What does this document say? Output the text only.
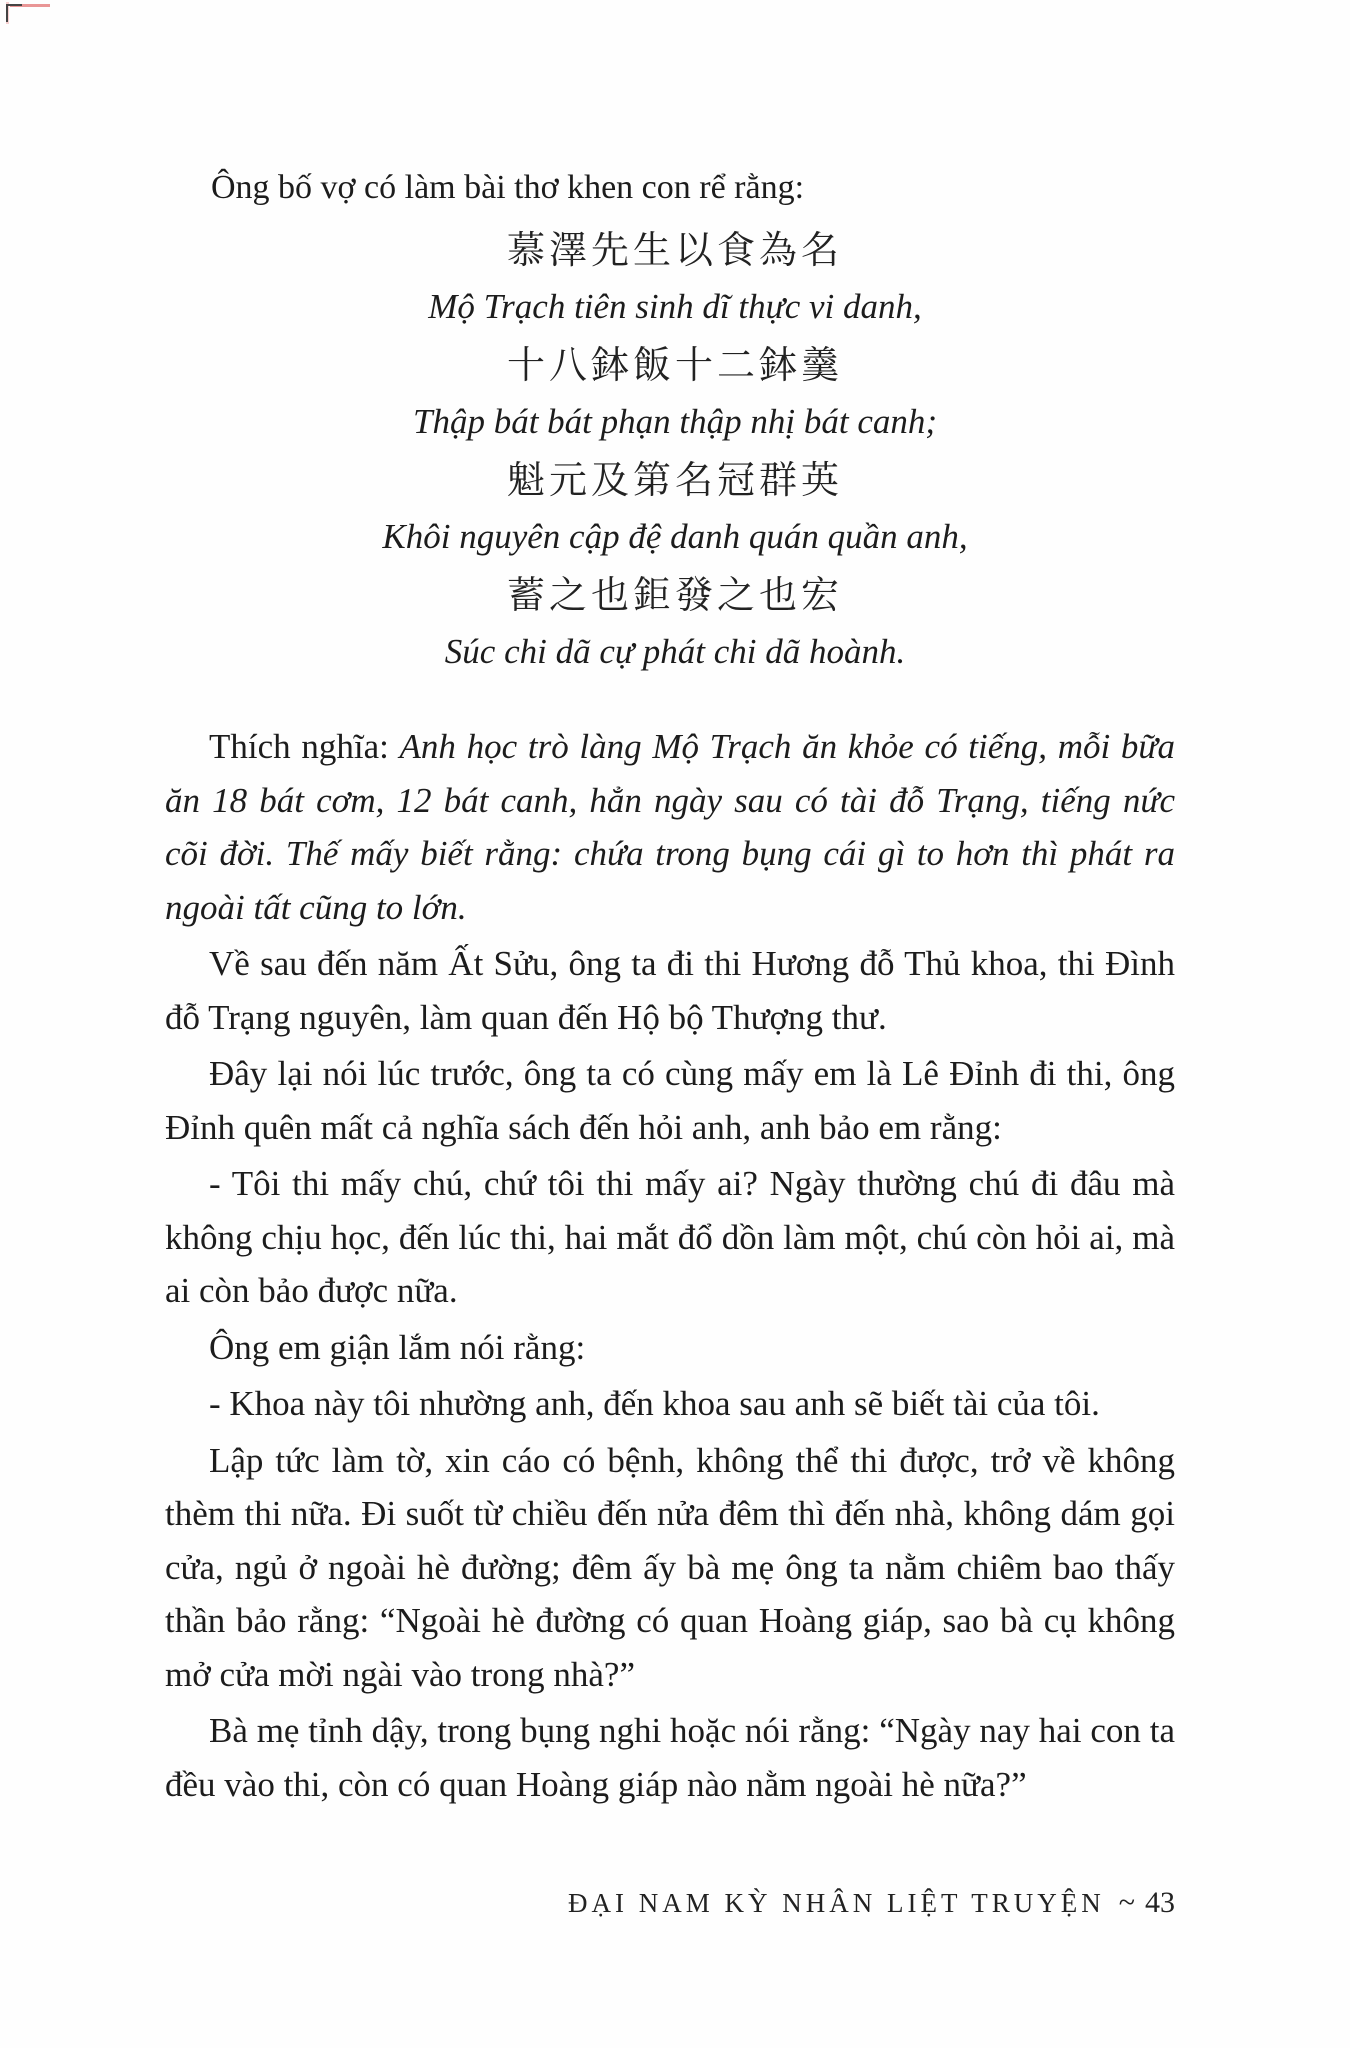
Ông bố vợ có làm bài thơ khen con rể rằng:
慕澤先生以食為名
Mộ Trạch tiên sinh dĩ thực vi danh,
十八鉢飯十二鉢羹
Thập bát bát phạn thập nhị bát canh;
魁元及第名冠群英
Khôi nguyên cập đệ danh quán quần anh,
蓄之也鉅發之也宏
Súc chi dã cự phát chi dã hoành.

Thích nghĩa: Anh học trò làng Mộ Trạch ăn khỏe có tiếng, mỗi bữa ăn 18 bát cơm, 12 bát canh, hẳn ngày sau có tài đỗ Trạng, tiếng nức cõi đời. Thế mấy biết rằng: chứa trong bụng cái gì to hơn thì phát ra ngoài tất cũng to lớn.

Về sau đến năm Ất Sửu, ông ta đi thi Hương đỗ Thủ khoa, thi Đình đỗ Trạng nguyên, làm quan đến Hộ bộ Thượng thư.

Đây lại nói lúc trước, ông ta có cùng mấy em là Lê Đỉnh đi thi, ông Đỉnh quên mất cả nghĩa sách đến hỏi anh, anh bảo em rằng:

- Tôi thi mấy chú, chứ tôi thi mấy ai? Ngày thường chú đi đâu mà không chịu học, đến lúc thi, hai mắt đổ dồn làm một, chú còn hỏi ai, mà ai còn bảo được nữa.

Ông em giận lắm nói rằng:

- Khoa này tôi nhường anh, đến khoa sau anh sẽ biết tài của tôi.

Lập tức làm tờ, xin cáo có bệnh, không thể thi được, trở về không thèm thi nữa. Đi suốt từ chiều đến nửa đêm thì đến nhà, không dám gọi cửa, ngủ ở ngoài hè đường; đêm ấy bà mẹ ông ta nằm chiêm bao thấy thần bảo rằng: “Ngoài hè đường có quan Hoàng giáp, sao bà cụ không mở cửa mời ngài vào trong nhà?”

Bà mẹ tỉnh dậy, trong bụng nghi hoặc nói rằng: “Ngày nay hai con ta đều vào thi, còn có quan Hoàng giáp nào nằm ngoài hè nữa?”

ĐẠI NAM KỲ NHÂN LIỆT TRUYỆN ~ 43
